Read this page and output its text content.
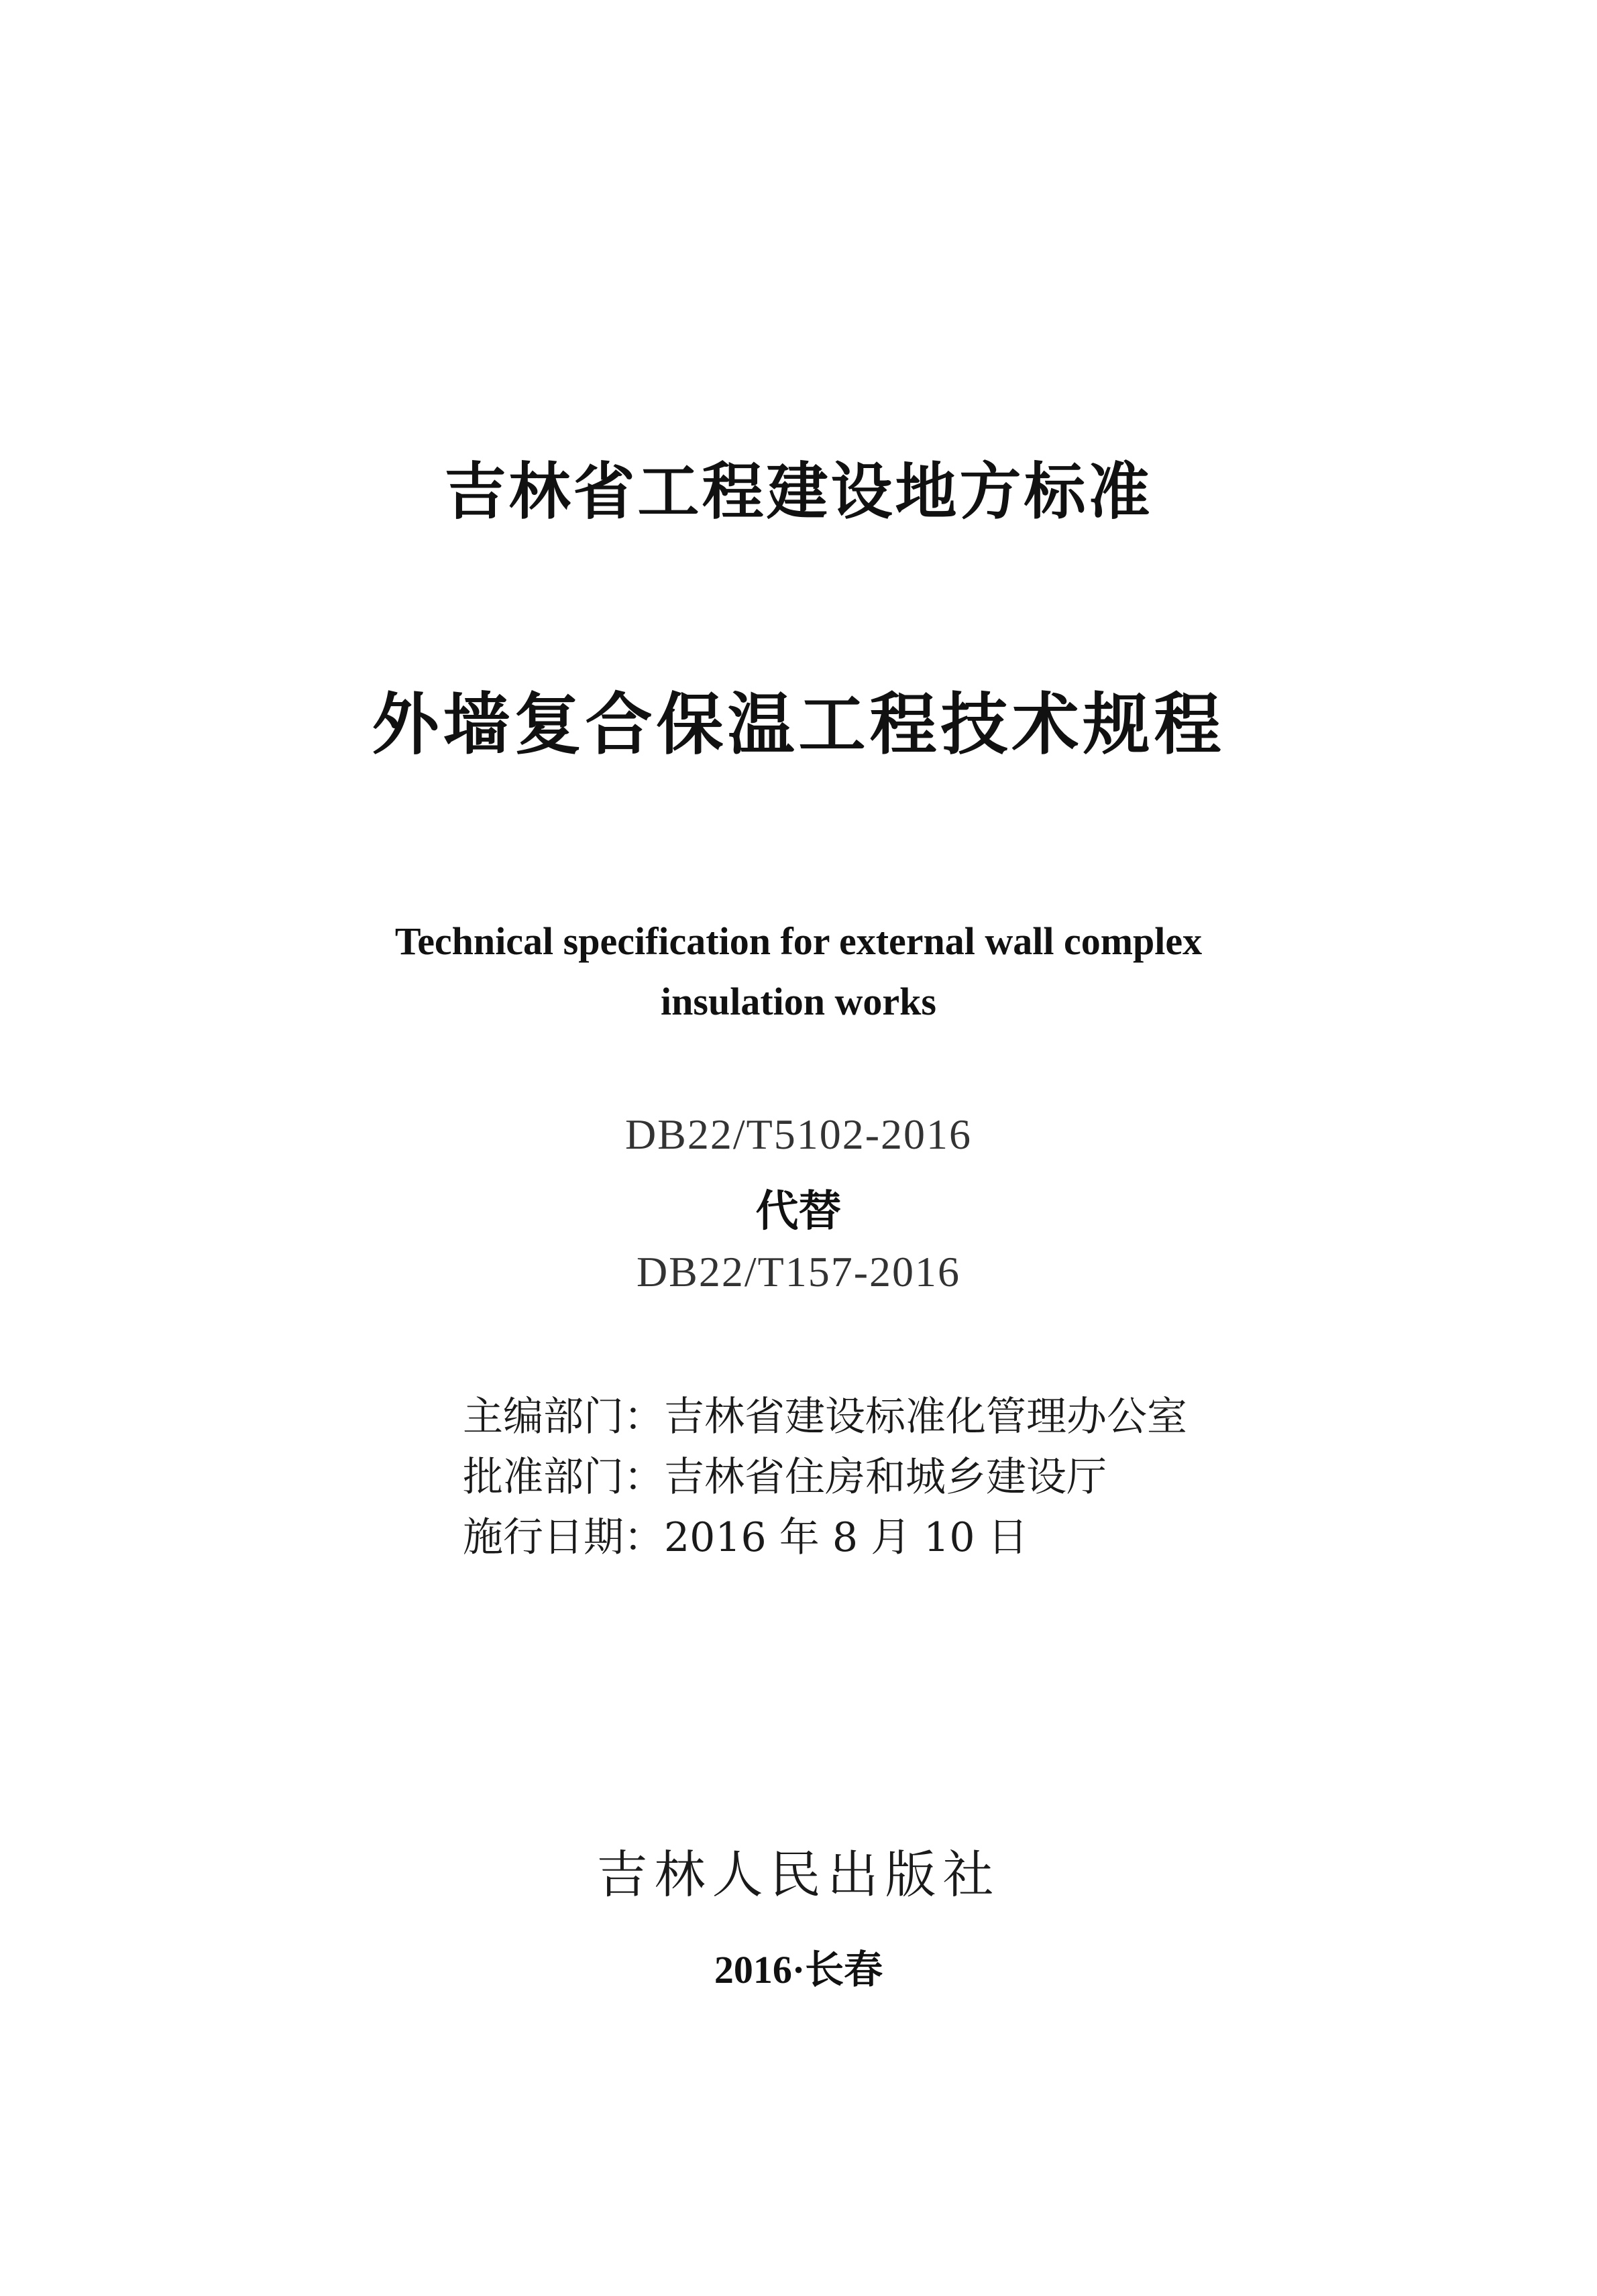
吉林省工程建设地方标准
外墙复合保温工程技术规程
Technical specification for external wall complex
insulation works
DB22/T5102-2016
代替
DB22/T157-2016
主编部门：吉林省建设标准化管理办公室
批准部门：吉林省住房和城乡建设厅
施行日期：2016 年 8 月 10 日
吉林人民出版社
2016·长春
